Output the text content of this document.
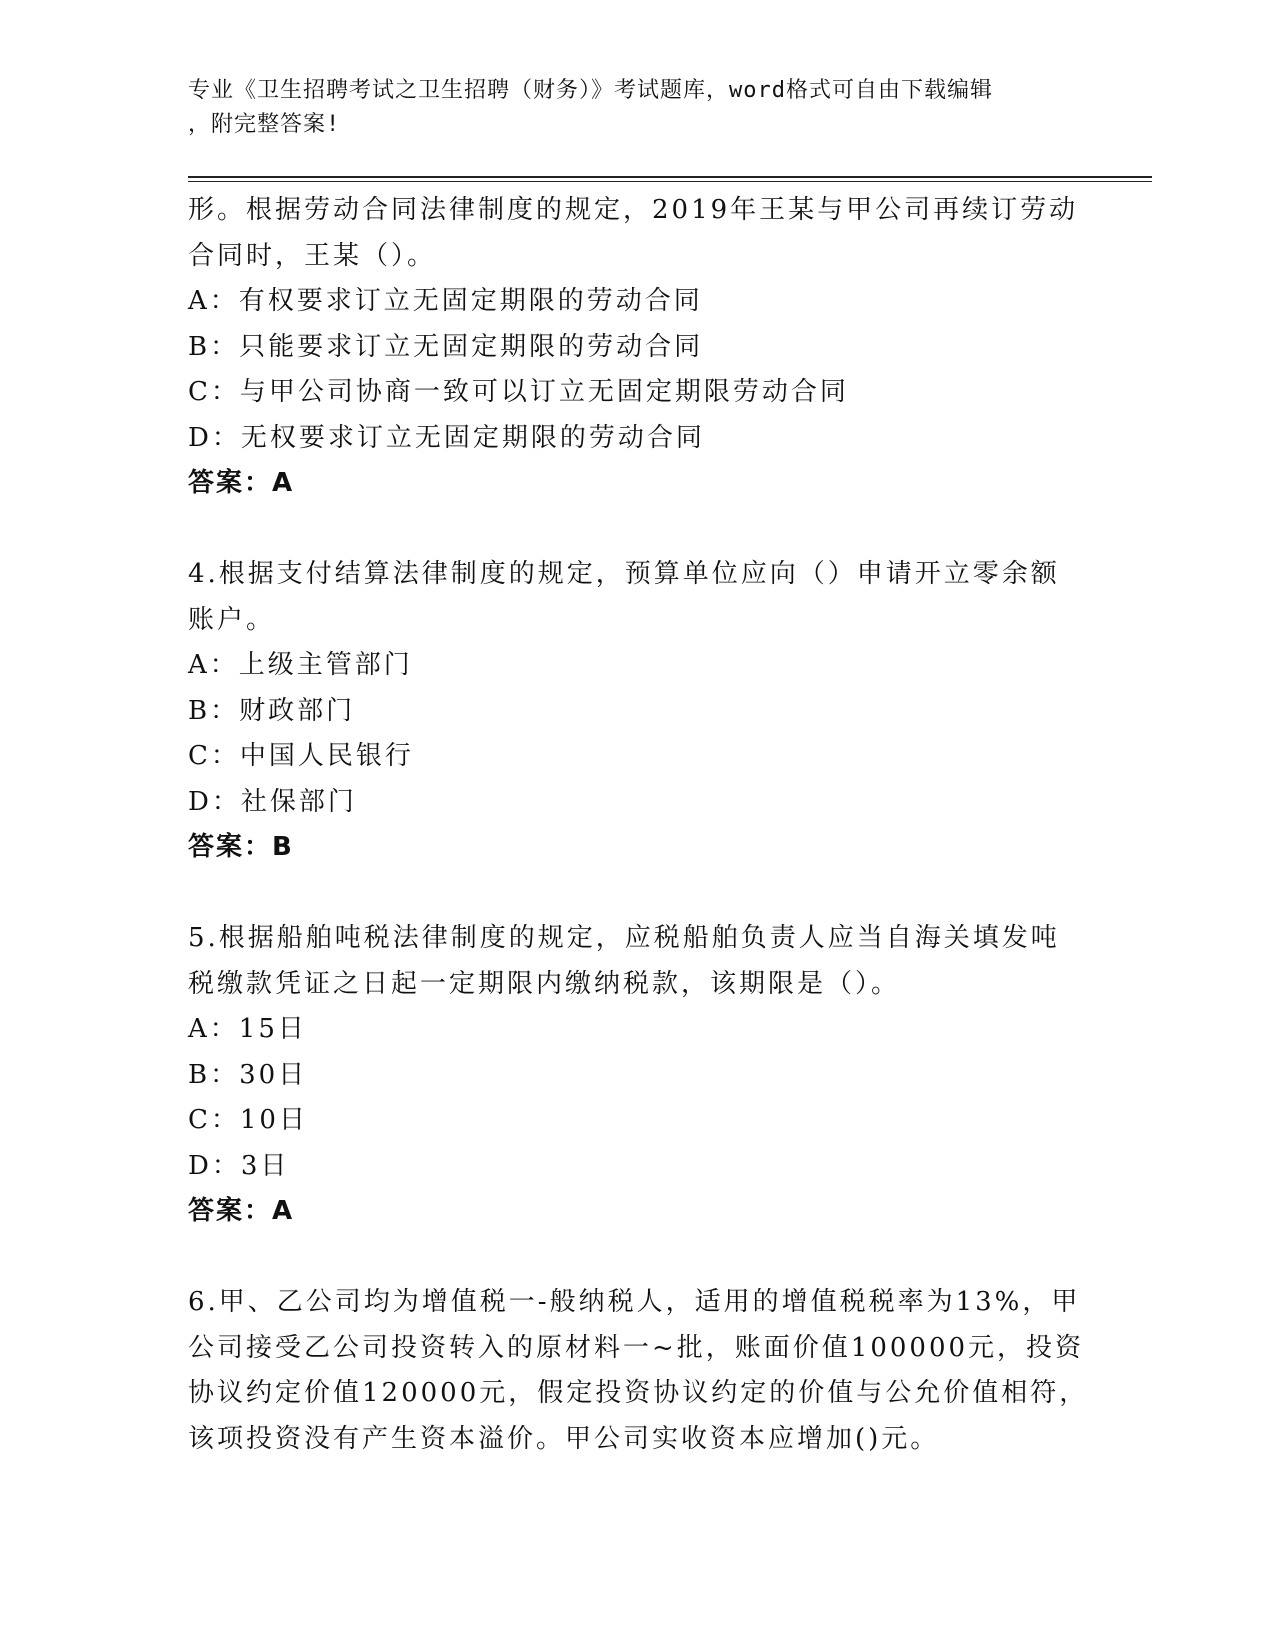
专业《卫生招聘考试之卫生招聘（财务）》考试题库，word格式可自由下载编辑
，附完整答案!
形。根据劳动合同法律制度的规定，2019年王某与甲公司再续订劳动
合同时，王某（）。
A：有权要求订立无固定期限的劳动合同
B：只能要求订立无固定期限的劳动合同
C：与甲公司协商一致可以订立无固定期限劳动合同
D：无权要求订立无固定期限的劳动合同
答案：A
4.根据支付结算法律制度的规定，预算单位应向（）申请开立零余额
账户。
A：上级主管部门
B：财政部门
C：中国人民银行
D：社保部门
答案：B
5.根据船舶吨税法律制度的规定，应税船舶负责人应当自海关填发吨
税缴款凭证之日起一定期限内缴纳税款，该期限是（）。
A：15日
B：30日
C：10日
D：3日
答案：A
6.甲、乙公司均为增值税一-般纳税人，适用的增值税税率为13%，甲
公司接受乙公司投资转入的原材料一~批，账面价值100000元，投资
协议约定价值120000元，假定投资协议约定的价值与公允价值相符，
该项投资没有产生资本溢价。甲公司实收资本应增加()元。
